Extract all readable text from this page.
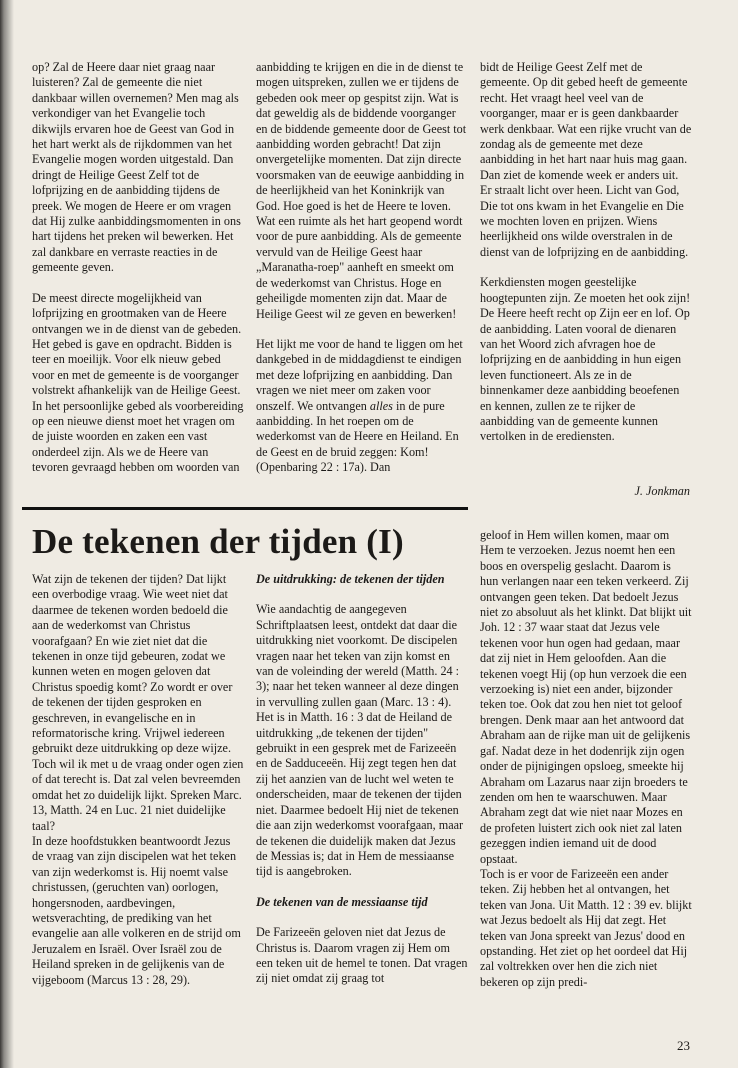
op? Zal de Heere daar niet graag naar luisteren? Zal de gemeente die niet dankbaar willen overnemen? Men mag als verkondiger van het Evangelie toch dikwijls ervaren hoe de Geest van God in het hart werkt als de rijkdommen van het Evangelie mogen worden uitgestald. Dan dringt de Heilige Geest Zelf tot de lofprijzing en de aanbidding tijdens de preek. We mogen de Heere er om vragen dat Hij zulke aanbiddingsmomenten in ons hart tijdens het preken wil bewerken. Het zal dankbare en verraste reacties in de gemeente geven.

De meest directe mogelijkheid van lofprijzing en grootmaken van de Heere ontvangen we in de dienst van de gebeden. Het gebed is gave en opdracht. Bidden is teer en moeilijk. Voor elk nieuw gebed voor en met de gemeente is de voorganger volstrekt afhankelijk van de Heilige Geest. In het persoonlijke gebed als voorbereiding op een nieuwe dienst moet het vragen om de juiste woorden en zaken een vast onderdeel zijn. Als we de Heere van tevoren gevraagd hebben om woorden van

aanbidding te krijgen en die in de dienst te mogen uitspreken, zullen we er tijdens de gebeden ook meer op gespitst zijn. Wat is dat geweldig als de biddende voorganger en de biddende gemeente door de Geest tot aanbidding worden gebracht! Dat zijn onvergetelijke momenten. Dat zijn directe voorsmaken van de eeuwige aanbidding in de heerlijkheid van het Koninkrijk van God. Hoe goed is het de Heere te loven. Wat een ruimte als het hart geopend wordt voor de pure aanbidding. Als de gemeente vervuld van de Heilige Geest haar „Maranatha-roep" aanheft en smeekt om de wederkomst van Christus. Hoge en geheiligde momenten zijn dat. Maar de Heilige Geest wil ze geven en bewerken!

Het lijkt me voor de hand te liggen om het dankgebed in de middagdienst te eindigen met deze lofprijzing en aanbidding. Dan vragen we niet meer om zaken voor onszelf. We ontvangen alles in de pure aanbidding. In het roepen om de wederkomst van de Heere en Heiland. En de Geest en de bruid zeggen: Kom! (Openbaring 22 : 17a). Dan

bidt de Heilige Geest Zelf met de gemeente. Op dit gebed heeft de gemeente recht. Het vraagt heel veel van de voorganger, maar er is geen dankbaarder werk denkbaar. Wat een rijke vrucht van de zondag als de gemeente met deze aanbidding in het hart naar huis mag gaan. Dan ziet de komende week er anders uit. Er straalt licht over heen. Licht van God, Die tot ons kwam in het Evangelie en Die we mochten loven en prijzen. Wiens heerlijkheid ons wilde overstralen in de dienst van de lofprijzing en de aanbidding.

Kerkdiensten mogen geestelijke hoogtepunten zijn. Ze moeten het ook zijn! De Heere heeft recht op Zijn eer en lof. Op de aanbidding. Laten vooral de dienaren van het Woord zich afvragen hoe de lofprijzing en de aanbidding in hun eigen leven functioneert. Als ze in de binnenkamer deze aanbidding beoefenen en kennen, zullen ze te rijker de aanbidding van de gemeente kunnen vertolken in de erediensten.

J. Jonkman
De tekenen der tijden (I)

Wat zijn de tekenen der tijden? Dat lijkt een overbodige vraag. Wie weet niet dat daarmee de tekenen worden bedoeld die aan de wederkomst van Christus voorafgaan? En wie ziet niet dat die tekenen in onze tijd gebeuren, zodat we kunnen weten en mogen geloven dat Christus spoedig komt? Zo wordt er over de tekenen der tijden gesproken en geschreven, in evangelische en in reformatorische kring. Vrijwel iedereen gebruikt deze uitdrukking op deze wijze. Toch wil ik met u de vraag onder ogen zien of dat terecht is. Dat zal velen bevreemden omdat het zo duidelijk lijkt. Spreken Marc. 13, Matth. 24 en Luc. 21 niet duidelijke taal?

In deze hoofdstukken beantwoordt Jezus de vraag van zijn discipelen wat het teken van zijn wederkomst is. Hij noemt valse christussen, (geruchten van) oorlogen, hongersnoden, aardbevingen, wetsverachting, de prediking van het evangelie aan alle volkeren en de strijd om Jeruzalem en Israël. Over Israël zou de Heiland spreken in de gelijkenis van de vijgeboom (Marcus 13 : 28, 29).

De uitdrukking: de tekenen der tijden

Wie aandachtig de aangegeven Schriftplaatsen leest, ontdekt dat daar die uitdrukking niet voorkomt. De discipelen vragen naar het teken van zijn komst en van de voleinding der wereld (Matth. 24 : 3); naar het teken wanneer al deze dingen in vervulling zullen gaan (Marc. 13 : 4). Het is in Matth. 16 : 3 dat de Heiland de uitdrukking „de tekenen der tijden" gebruikt in een gesprek met de Farizeeën en de Sadduceeën. Hij zegt tegen hen dat zij het aanzien van de lucht wel weten te onderscheiden, maar de tekenen der tijden niet. Daarmee bedoelt Hij niet de tekenen die aan zijn wederkomst voorafgaan, maar de tekenen die duidelijk maken dat Jezus de Messias is; dat in Hem de messiaanse tijd is aangebroken.

De tekenen van de messiaanse tijd

De Farizeeën geloven niet dat Jezus de Christus is. Daarom vragen zij Hem om een teken uit de hemel te tonen. Dat vragen zij niet omdat zij graag tot

geloof in Hem willen komen, maar om Hem te verzoeken. Jezus noemt hen een boos en overspelig geslacht. Daarom is hun verlangen naar een teken verkeerd. Zij ontvangen geen teken. Dat bedoelt Jezus niet zo absoluut als het klinkt. Dat blijkt uit Joh. 12 : 37 waar staat dat Jezus vele tekenen voor hun ogen had gedaan, maar dat zij niet in Hem geloofden. Aan die tekenen voegt Hij (op hun verzoek die een verzoeking is) niet een ander, bijzonder teken toe. Ook dat zou hen niet tot geloof brengen. Denk maar aan het antwoord dat Abraham aan de rijke man uit de gelijkenis gaf. Nadat deze in het dodenrijk zijn ogen onder de pijnigingen opsloeg, smeekte hij Abraham om Lazarus naar zijn broeders te zenden om hen te waarschuwen. Maar Abraham zegt dat wie niet naar Mozes en de profeten luistert zich ook niet zal laten gezeggen indien iemand uit de dood opstaat.

Toch is er voor de Farizeeën een ander teken. Zij hebben het al ontvangen, het teken van Jona. Uit Matth. 12 : 39 ev. blijkt wat Jezus bedoelt als Hij dat zegt. Het teken van Jona spreekt van Jezus' dood en opstanding. Het ziet op het oordeel dat Hij zal voltrekken over hen die zich niet bekeren op zijn predi-

23
